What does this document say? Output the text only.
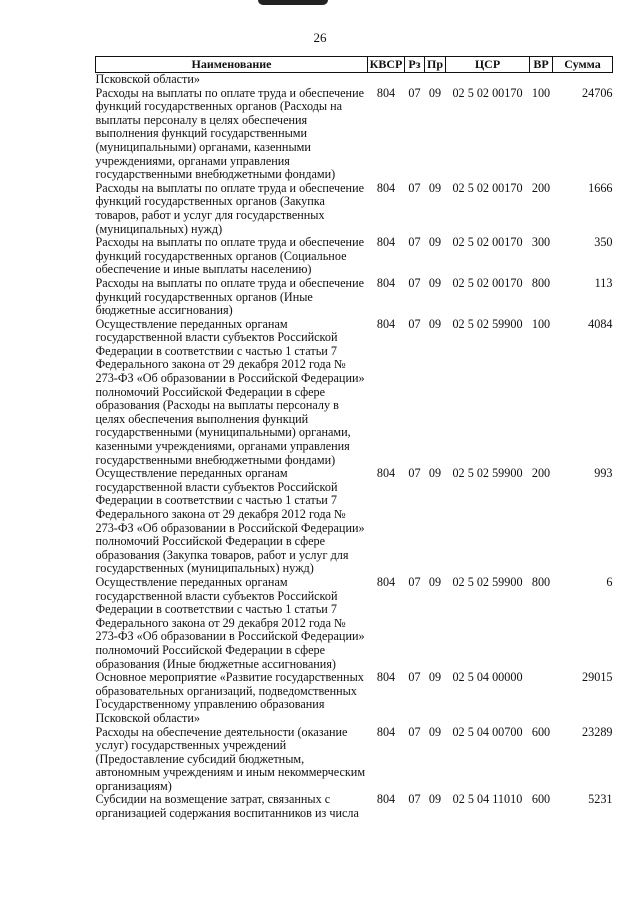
26
Наименование	КВСР	Рз	Пр	ЦСР	ВР	Сумма
Псковской области»						
Расходы на выплаты по оплате труда и обеспечение функций государственных органов (Расходы на выплаты персоналу в целях обеспечения выполнения функций государственными (муниципальными) органами, казенными учреждениями, органами управления государственными внебюджетными фондами)	804	07	09	02 5 02 00170	100	24706
Расходы на выплаты по оплате труда и обеспечение функций государственных органов (Закупка товаров, работ и услуг для государственных (муниципальных) нужд)	804	07	09	02 5 02 00170	200	1666
Расходы на выплаты по оплате труда и обеспечение функций государственных органов (Социальное обеспечение и иные выплаты населению)	804	07	09	02 5 02 00170	300	350
Расходы на выплаты по оплате труда и обеспечение функций государственных органов (Иные бюджетные ассигнования)	804	07	09	02 5 02 00170	800	113
Осуществление переданных органам государственной власти субъектов Российской Федерации в соответствии с частью 1 статьи 7 Федерального закона от 29 декабря 2012 года № 273-ФЗ «Об образовании в Российской Федерации» полномочий Российской Федерации в сфере образования (Расходы на выплаты персоналу в целях обеспечения выполнения функций государственными (муниципальными) органами, казенными учреждениями, органами управления государственными внебюджетными фондами)	804	07	09	02 5 02 59900	100	4084
Осуществление переданных органам государственной власти субъектов Российской Федерации в соответствии с частью 1 статьи 7 Федерального закона от 29 декабря 2012 года № 273-ФЗ «Об образовании в Российской Федерации» полномочий Российской Федерации в сфере образования (Закупка товаров, работ и услуг для государственных (муниципальных) нужд)	804	07	09	02 5 02 59900	200	993
Осуществление переданных органам государственной власти субъектов Российской Федерации в соответствии с частью 1 статьи 7 Федерального закона от 29 декабря 2012 года № 273-ФЗ «Об образовании в Российской Федерации» полномочий Российской Федерации в сфере образования (Иные бюджетные ассигнования)	804	07	09	02 5 02 59900	800	6
Основное мероприятие «Развитие государственных образовательных организаций, подведомственных Государственному управлению образования Псковской области»	804	07	09	02 5 04 00000		29015
Расходы на обеспечение деятельности (оказание услуг) государственных учреждений (Предоставление субсидий бюджетным, автономным учреждениям и иным некоммерческим организациям)	804	07	09	02 5 04 00700	600	23289
Субсидии на возмещение затрат, связанных с организацией содержания воспитанников из числа	804	07	09	02 5 04 11010	600	5231
